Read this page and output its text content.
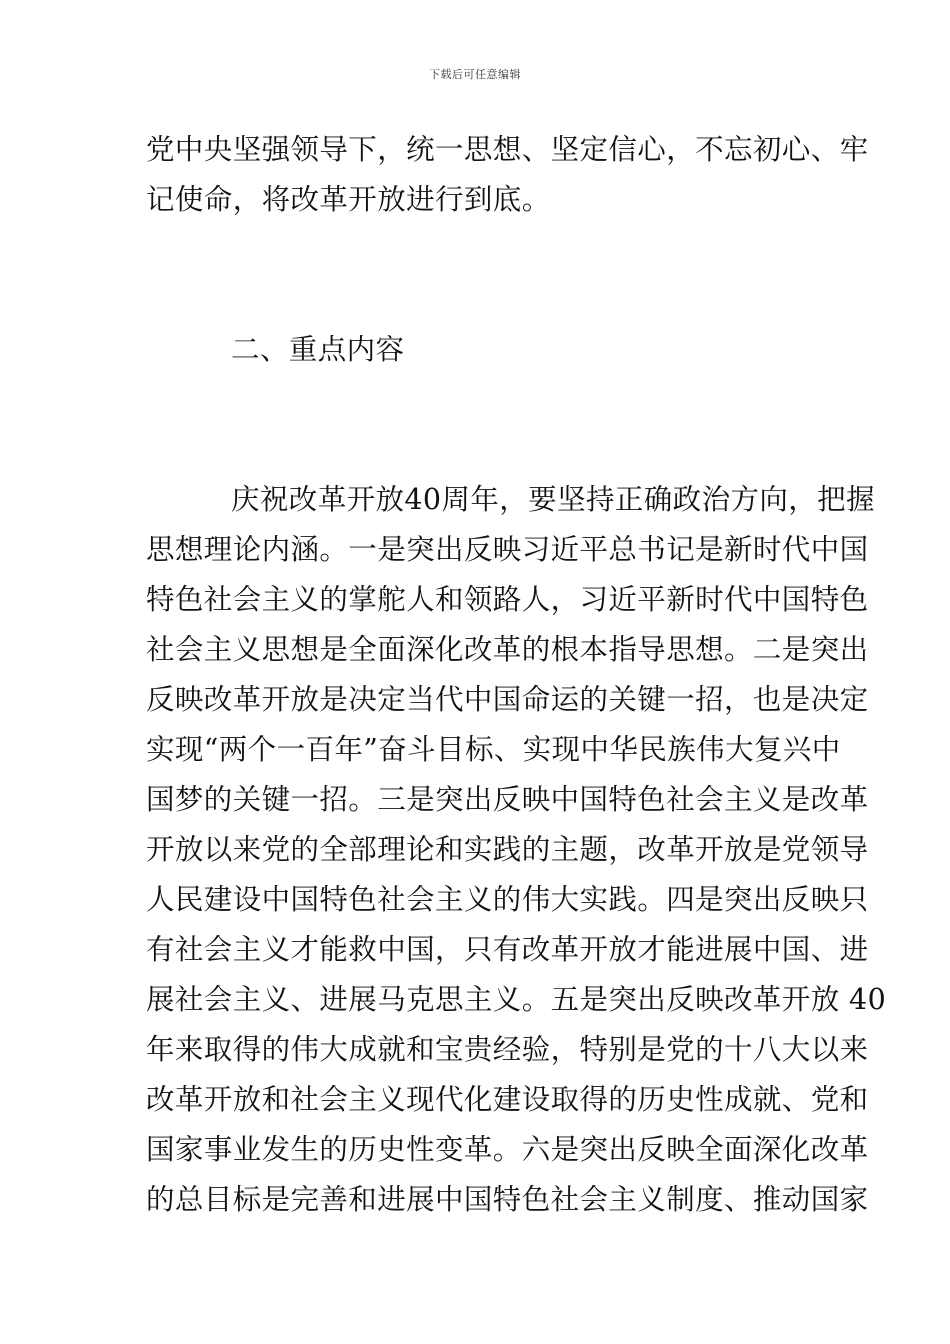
下载后可任意编辑
党中央坚强领导下，统一思想、坚定信心，不忘初心、牢
记使命，将改革开放进行到底。
二、重点内容
庆祝改革开放40周年，要坚持正确政治方向，把握
思想理论内涵。一是突出反映习近平总书记是新时代中国
特色社会主义的掌舵人和领路人，习近平新时代中国特色
社会主义思想是全面深化改革的根本指导思想。二是突出
反映改革开放是决定当代中国命运的关键一招，也是决定
实现“两个一百年”奋斗目标、实现中华民族伟大复兴中
国梦的关键一招。三是突出反映中国特色社会主义是改革
开放以来党的全部理论和实践的主题，改革开放是党领导
人民建设中国特色社会主义的伟大实践。四是突出反映只
有社会主义才能救中国，只有改革开放才能进展中国、进
展社会主义、进展马克思主义。五是突出反映改革开放 40
年来取得的伟大成就和宝贵经验，特别是党的十八大以来
改革开放和社会主义现代化建设取得的历史性成就、党和
国家事业发生的历史性变革。六是突出反映全面深化改革
的总目标是完善和进展中国特色社会主义制度、推动国家
